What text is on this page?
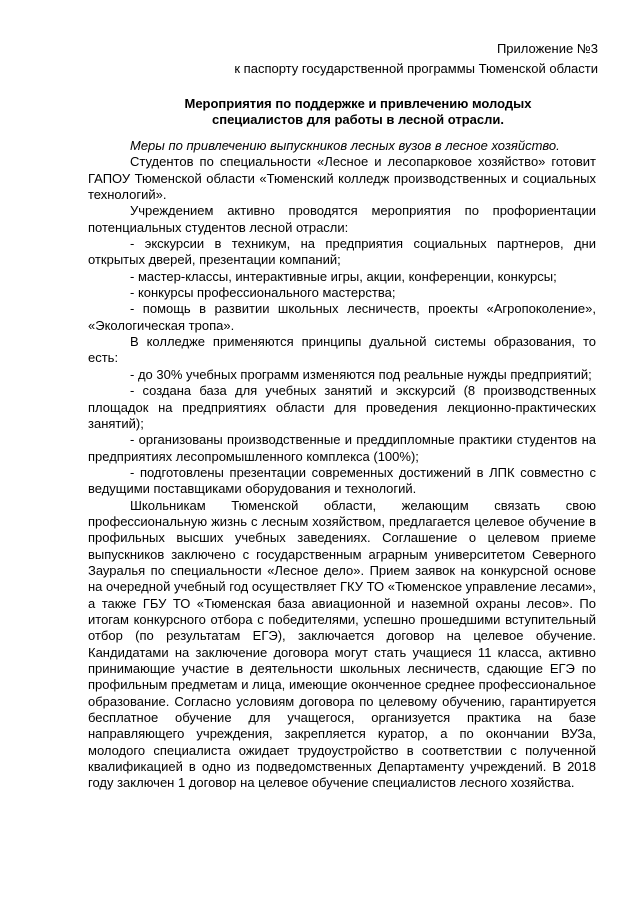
Приложение №3
к паспорту государственной программы Тюменской области
Мероприятия по поддержке и привлечению молодых
специалистов для работы в лесной отрасли.

Меры по привлечению выпускников лесных вузов в лесное хозяйство.

Студентов по специальности «Лесное и лесопарковое хозяйство» готовит ГАПОУ Тюменской области «Тюменский колледж производственных и социальных технологий».

Учреждением активно проводятся мероприятия по профориентации потенциальных студентов лесной отрасли:

- экскурсии в техникум, на предприятия социальных партнеров, дни открытых дверей, презентации компаний;

- мастер-классы, интерактивные игры, акции, конференции, конкурсы;

- конкурсы профессионального мастерства;

- помощь в развитии школьных лесничеств, проекты «Агропоколение», «Экологическая тропа».

В колледже применяются принципы дуальной системы образования, то есть:

- до 30% учебных программ изменяются под реальные нужды предприятий;

- создана база для учебных занятий и экскурсий (8 производственных площадок на предприятиях области для проведения лекционно-практических занятий);

- организованы производственные и преддипломные практики студентов на предприятиях лесопромышленного комплекса (100%);

- подготовлены презентации современных достижений в ЛПК совместно с ведущими поставщиками оборудования и технологий.

Школьникам Тюменской области, желающим связать свою профессиональную жизнь с лесным хозяйством, предлагается целевое обучение в профильных высших учебных заведениях. Соглашение о целевом приеме выпускников заключено с государственным аграрным университетом Северного Зауралья по специальности «Лесное дело». Прием заявок на конкурсной основе на очередной учебный год осуществляет ГКУ ТО «Тюменское управление лесами», а также ГБУ ТО «Тюменская база авиационной и наземной охраны лесов». По итогам конкурсного отбора с победителями, успешно прошедшими вступительный отбор (по результатам ЕГЭ), заключается договор на целевое обучение. Кандидатами на заключение договора могут стать учащиеся 11 класса, активно принимающие участие в деятельности школьных лесничеств, сдающие ЕГЭ по профильным предметам и лица, имеющие оконченное среднее профессиональное образование. Согласно условиям договора по целевому обучению, гарантируется бесплатное обучение для учащегося, организуется практика на базе направляющего учреждения, закрепляется куратор, а по окончании ВУЗа, молодого специалиста ожидает трудоустройство в соответствии с полученной квалификацией в одно из подведомственных Департаменту учреждений. В 2018 году заключен 1 договор на целевое обучение специалистов лесного хозяйства.
